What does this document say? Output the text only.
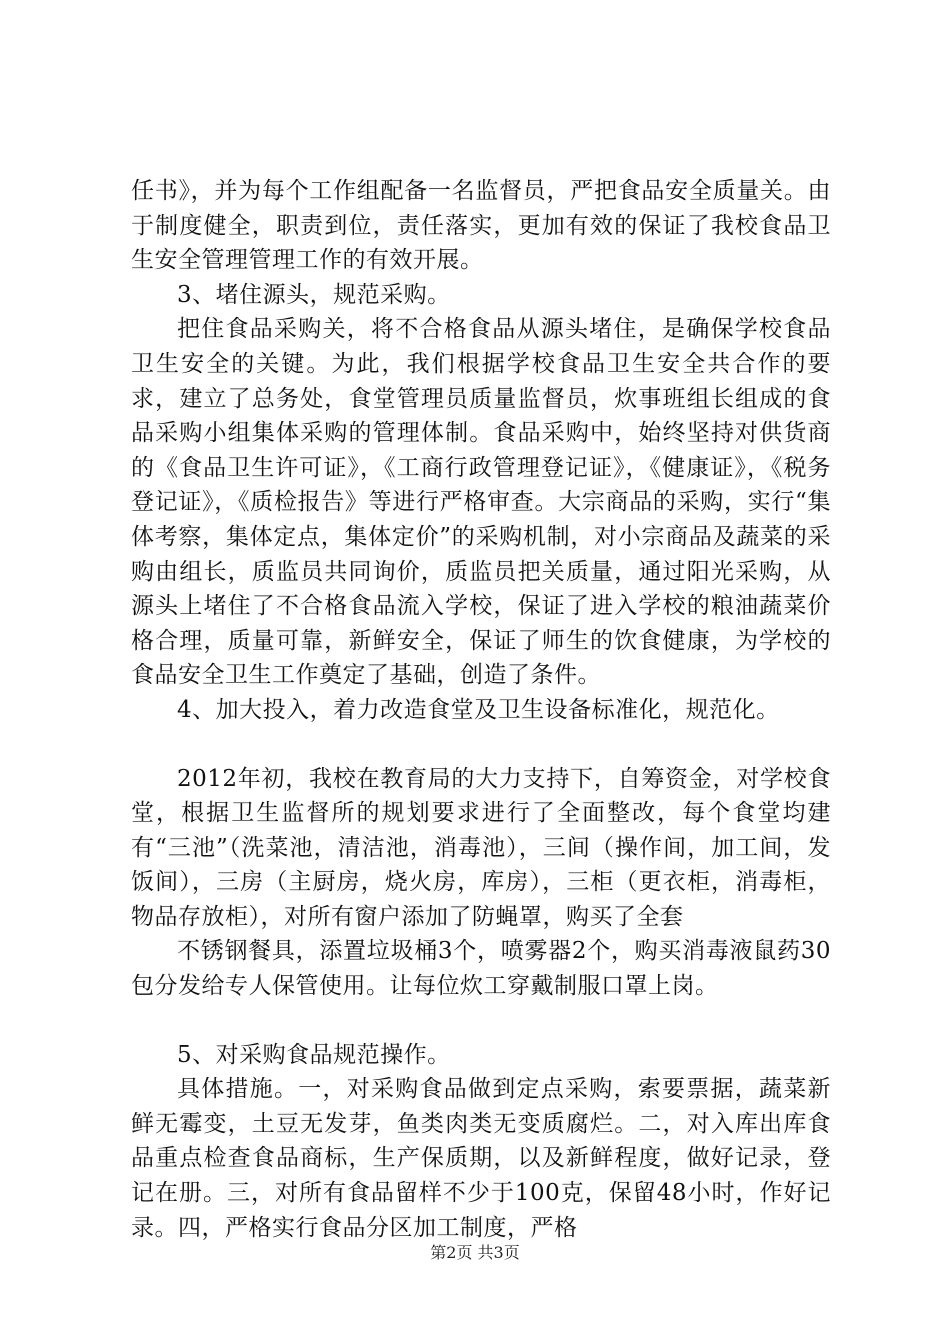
任书》，并为每个工作组配备一名监督员，严把食品安全质量关。由于制度健全，职责到位，责任落实，更加有效的保证了我校食品卫生安全管理管理工作的有效开展。

3、堵住源头，规范采购。

把住食品采购关，将不合格食品从源头堵住，是确保学校食品卫生安全的关键。为此，我们根据学校食品卫生安全共合作的要求，建立了总务处，食堂管理员质量监督员，炊事班组长组成的食品采购小组集体采购的管理体制。食品采购中，始终坚持对供货商的《食品卫生许可证》，《工商行政管理登记证》，《健康证》，《税务登记证》，《质检报告》等进行严格审查。大宗商品的采购，实行“集体考察，集体定点，集体定价”的采购机制，对小宗商品及蔬菜的采购由组长，质监员共同询价，质监员把关质量，通过阳光采购，从源头上堵住了不合格食品流入学校，保证了进入学校的粮油蔬菜价格合理，质量可靠，新鲜安全，保证了师生的饮食健康，为学校的食品安全卫生工作奠定了基础，创造了条件。

4、加大投入，着力改造食堂及卫生设备标准化，规范化。

2012年初，我校在教育局的大力支持下，自筹资金，对学校食堂，根据卫生监督所的规划要求进行了全面整改，每个食堂均建有“三池”（洗菜池，清洁池，消毒池），三间（操作间，加工间，发饭间），三房（主厨房，烧火房，库房），三柜（更衣柜，消毒柜，物品存放柜），对所有窗户添加了防蝇罩，购买了全套

不锈钢餐具，添置垃圾桶3个，喷雾器2个，购买消毒液鼠药30包分发给专人保管使用。让每位炊工穿戴制服口罩上岗。

5、对采购食品规范操作。

具体措施。一，对采购食品做到定点采购，索要票据，蔬菜新鲜无霉变，土豆无发芽，鱼类肉类无变质腐烂。二，对入库出库食品重点检查食品商标，生产保质期，以及新鲜程度，做好记录，登记在册。三，对所有食品留样不少于100克，保留48小时，作好记录。四，严格实行食品分区加工制度，严格

第2页 共3页
